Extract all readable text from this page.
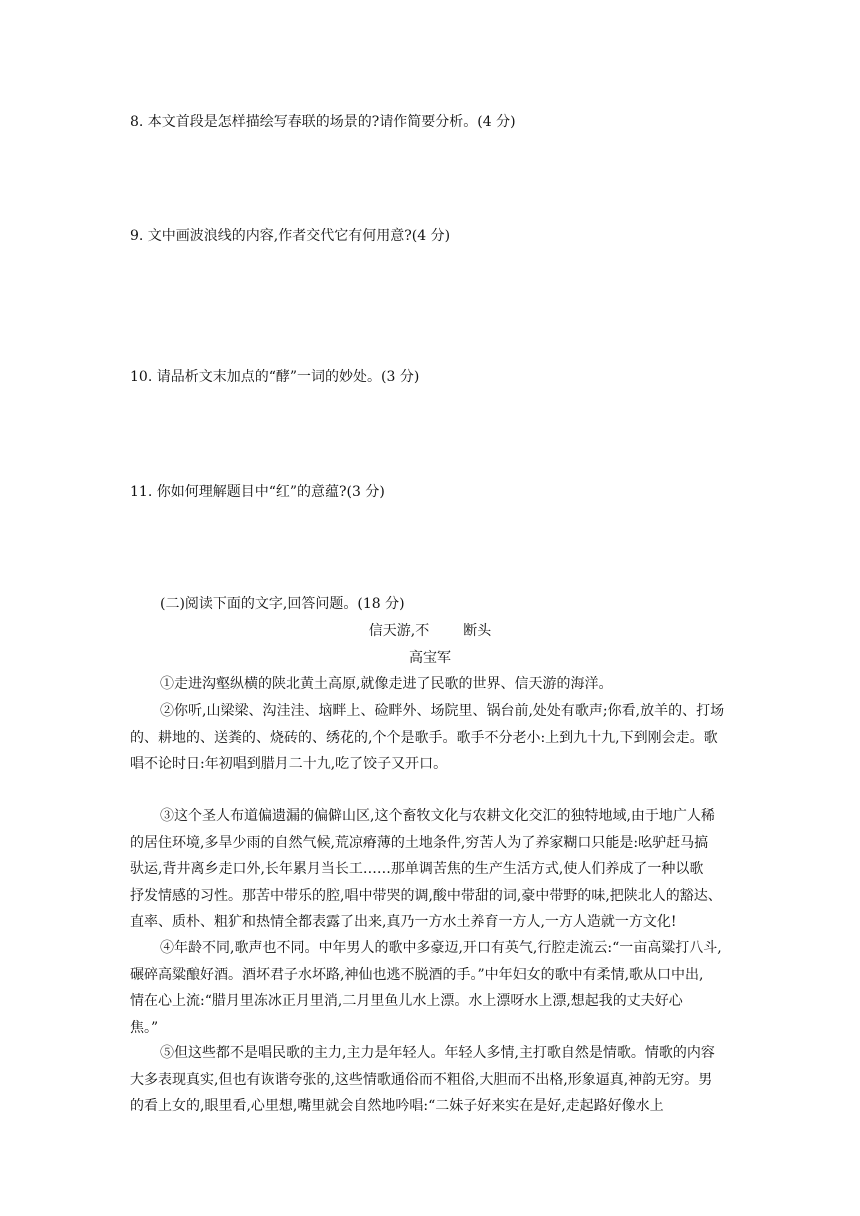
8. 本文首段是怎样描绘写春联的场景的?请作简要分析。(4 分)
9. 文中画波浪线的内容,作者交代它有何用意?(4 分)
10. 请品析文末加点的“酵”一词的妙处。(3 分)
11. 你如何理解题目中“红”的意蕴?(3 分)
(二)阅读下面的文字,回答问题。(18 分)
信天游,不 断头
高宝军
①走进沟壑纵横的陕北黄土高原,就像走进了民歌的世界、信天游的海洋。
②你听,山梁梁、沟洼洼、垴畔上、硷畔外、场院里、锅台前,处处有歌声;你看,放羊的、打场
的、耕地的、送粪的、烧砖的、绣花的,个个是歌手。歌手不分老小:上到九十九,下到刚会走。歌
唱不论时日:年初唱到腊月二十九,吃了饺子又开口。
③这个圣人布道偏遗漏的偏僻山区,这个畜牧文化与农耕文化交汇的独特地域,由于地广人稀
的居住环境,多旱少雨的自然气候,荒凉瘠薄的土地条件,穷苦人为了养家糊口只能是:吆驴赶马搞
驮运,背井离乡走口外,长年累月当长工……那单调苦焦的生产生活方式,使人们养成了一种以歌
抒发情感的习性。那苦中带乐的腔,唱中带哭的调,酸中带甜的词,豪中带野的味,把陕北人的豁达、
直率、质朴、粗犷和热情全都表露了出来,真乃一方水土养育一方人,一方人造就一方文化!
④年龄不同,歌声也不同。中年男人的歌中多豪迈,开口有英气,行腔走流云:“一亩高粱打八斗,
碾碎高粱酿好酒。酒坏君子水坏路,神仙也逃不脱酒的手。”中年妇女的歌中有柔情,歌从口中出,
情在心上流:“腊月里冻冰正月里消,二月里鱼儿水上漂。水上漂呀水上漂,想起我的丈夫好心
焦。”
⑤但这些都不是唱民歌的主力,主力是年轻人。年轻人多情,主打歌自然是情歌。情歌的内容
大多表现真实,但也有诙谐夸张的,这些情歌通俗而不粗俗,大胆而不出格,形象逼真,神韵无穷。男
的看上女的,眼里看,心里想,嘴里就会自然地吟唱:“二妹子好来实在是好,走起路好像水上
